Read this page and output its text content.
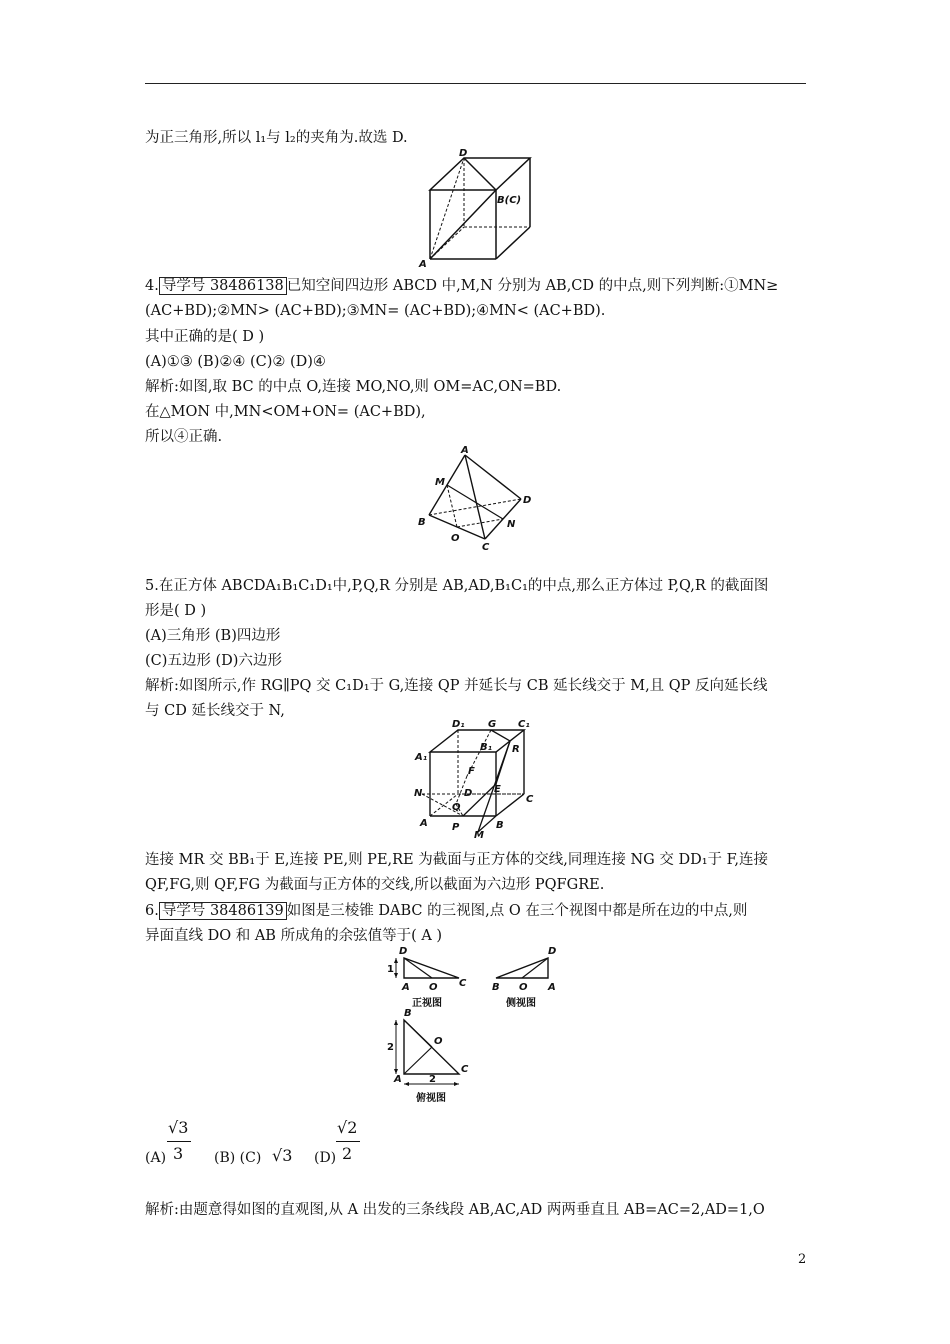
为正三角形,所以 l₁与 l₂的夹角为.故选 D.
D
B(C)
A
4. 导学号 38486138 已知空间四边形 ABCD 中,M,N 分别为 AB,CD 的中点,则下列判断:①MN≥
(AC+BD);②MN> (AC+BD);③MN= (AC+BD);④MN< (AC+BD).
其中正确的是( D )
(A)①③ (B)②④ (C)② (D)④
解析:如图,取 BC 的中点 O,连接 MO,NO,则 OM=AC,ON=BD.
在△MON 中,MN<OM+ON= (AC+BD),
所以④正确.
A
M
D
B	N
O
C
5.在正方体 ABCDA₁B₁C₁D₁中,P,Q,R 分别是 AB,AD,B₁C₁的中点,那么正方体过 P,Q,R 的截面图
形是( D )
(A)三角形 (B)四边形
(C)五边形 (D)六边形
解析:如图所示,作 RG∥PQ 交 C₁D₁于 G,连接 QP 并延长与 CB 延长线交于 M,且 QP 反向延长线
与 CD 延长线交于 N,
D₁ G C₁
A₁
B₁ R
F
N	D E
C
Q
A P	B
M
连接 MR 交 BB₁于 E,连接 PE,则 PE,RE 为截面与正方体的交线,同理连接 NG 交 DD₁于 F,连接
QF,FG,则 QF,FG 为截面与正方体的交线,所以截面为六边形 PQFGRE.
6. 导学号 38486139 如图是三棱锥 DABC 的三视图,点 O 在三个视图中都是所在边的中点,则
异面直线 DO 和 AB 所成角的余弦值等于( A )
D
1
A O C
正视图
D
B O A
侧视图
B
2
O
A	2
C
俯视图
(A)
√3
3 (B) (C) √3 (D)
√2
2
解析:由题意得如图的直观图,从 A 出发的三条线段 AB,AC,AD 两两垂直且 AB=AC=2,AD=1,O
2
